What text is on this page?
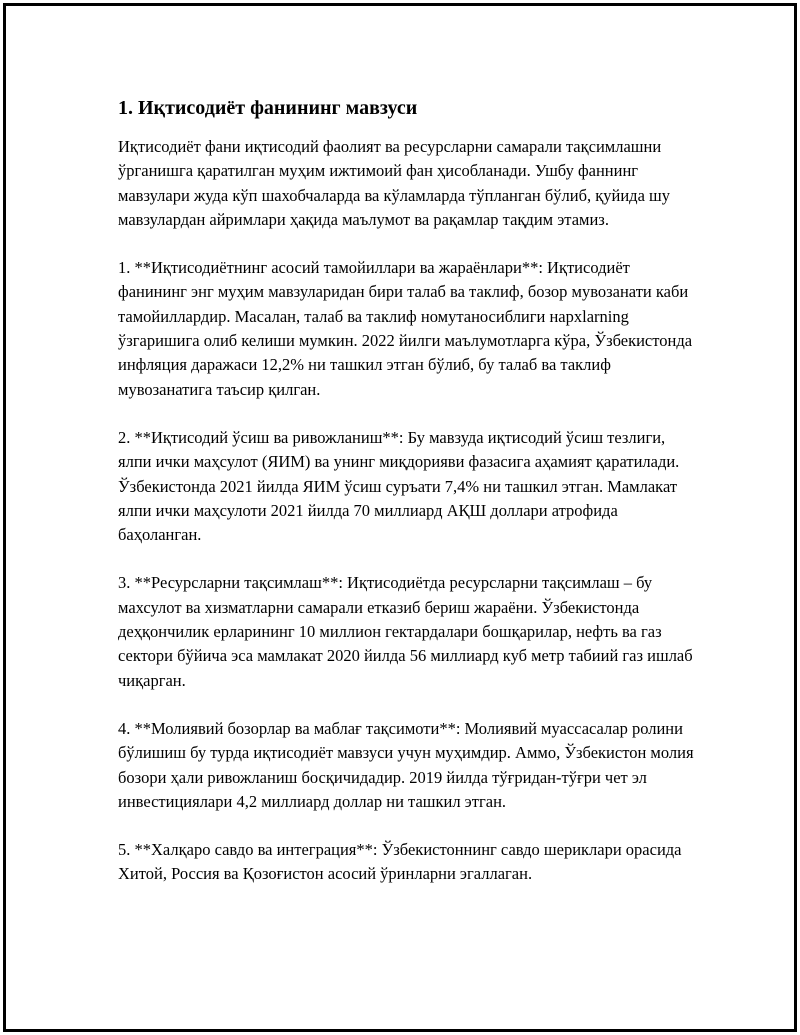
1. Иқтисодиёт фанининг мавзуси

Иқтисодиёт фани иқтисодий фаолият ва ресурсларни самарали тақсимлашни ўрганишга қаратилган муҳим ижтимоий фан ҳисобланади. Ушбу фаннинг мавзулари жуда кўп шахобчаларда ва кўламларда тўпланган бўлиб, қуйида шу мавзулардан айримлари ҳақида маълумот ва рақамлар тақдим этамиз.

1. **Иқтисодиётнинг асосий тамойиллари ва жараёнлари**: Иқтисодиёт фанининг энг муҳим мавзуларидан бири талаб ва таклиф, бозор мувозанати каби тамойиллардир. Масалан, талаб ва таклиф номутаносиблиги нарxlarning ўзгаришига олиб келиши мумкин. 2022 йилги маълумотларга кўра, Ўзбекистонда инфляция даражаси 12,2% ни ташкил этган бўлиб, бу талаб ва таклиф мувозанатига таъсир қилган.

2. **Иқтисодий ўсиш ва ривожланиш**: Бу мавзуда иқтисодий ўсиш тезлиги, ялпи ички маҳсулот (ЯИМ) ва унинг миқдорияви фазасига аҳамият қаратилади. Ўзбекистонда 2021 йилда ЯИМ ўсиш суръати 7,4% ни ташкил этган. Мамлакат ялпи ички маҳсулоти 2021 йилда 70 миллиард АҚШ доллари атрофида баҳоланган.

3. **Ресурсларни тақсимлаш**: Иқтисодиётда ресурсларни тақсимлаш – бу махсулот ва хизматларни самарали етказиб бериш жараёни. Ўзбекистонда деҳқончилик ерларининг 10 миллион гектардалари бошқарилар, нефть ва газ сектори бўйича эса мамлакат 2020 йилда 56 миллиард куб метр табиий газ ишлаб чиқарган.

4. **Молиявий бозорлар ва маблағ тақсимоти**: Молиявий муассасалар ролини бўлишиш бу турда иқтисодиёт мавзуси учун муҳимдир. Аммо, Ўзбекистон молия бозори ҳали ривожланиш босқичидадир. 2019 йилда тўғридан-тўғри чет эл инвестициялари 4,2 миллиард доллар ни ташкил этган.

5. **Халқаро савдо ва интеграция**: Ўзбекистоннинг савдо шериклари орасида Хитой, Россия ва Қозоғистон асосий ўринларни эгаллаган.
